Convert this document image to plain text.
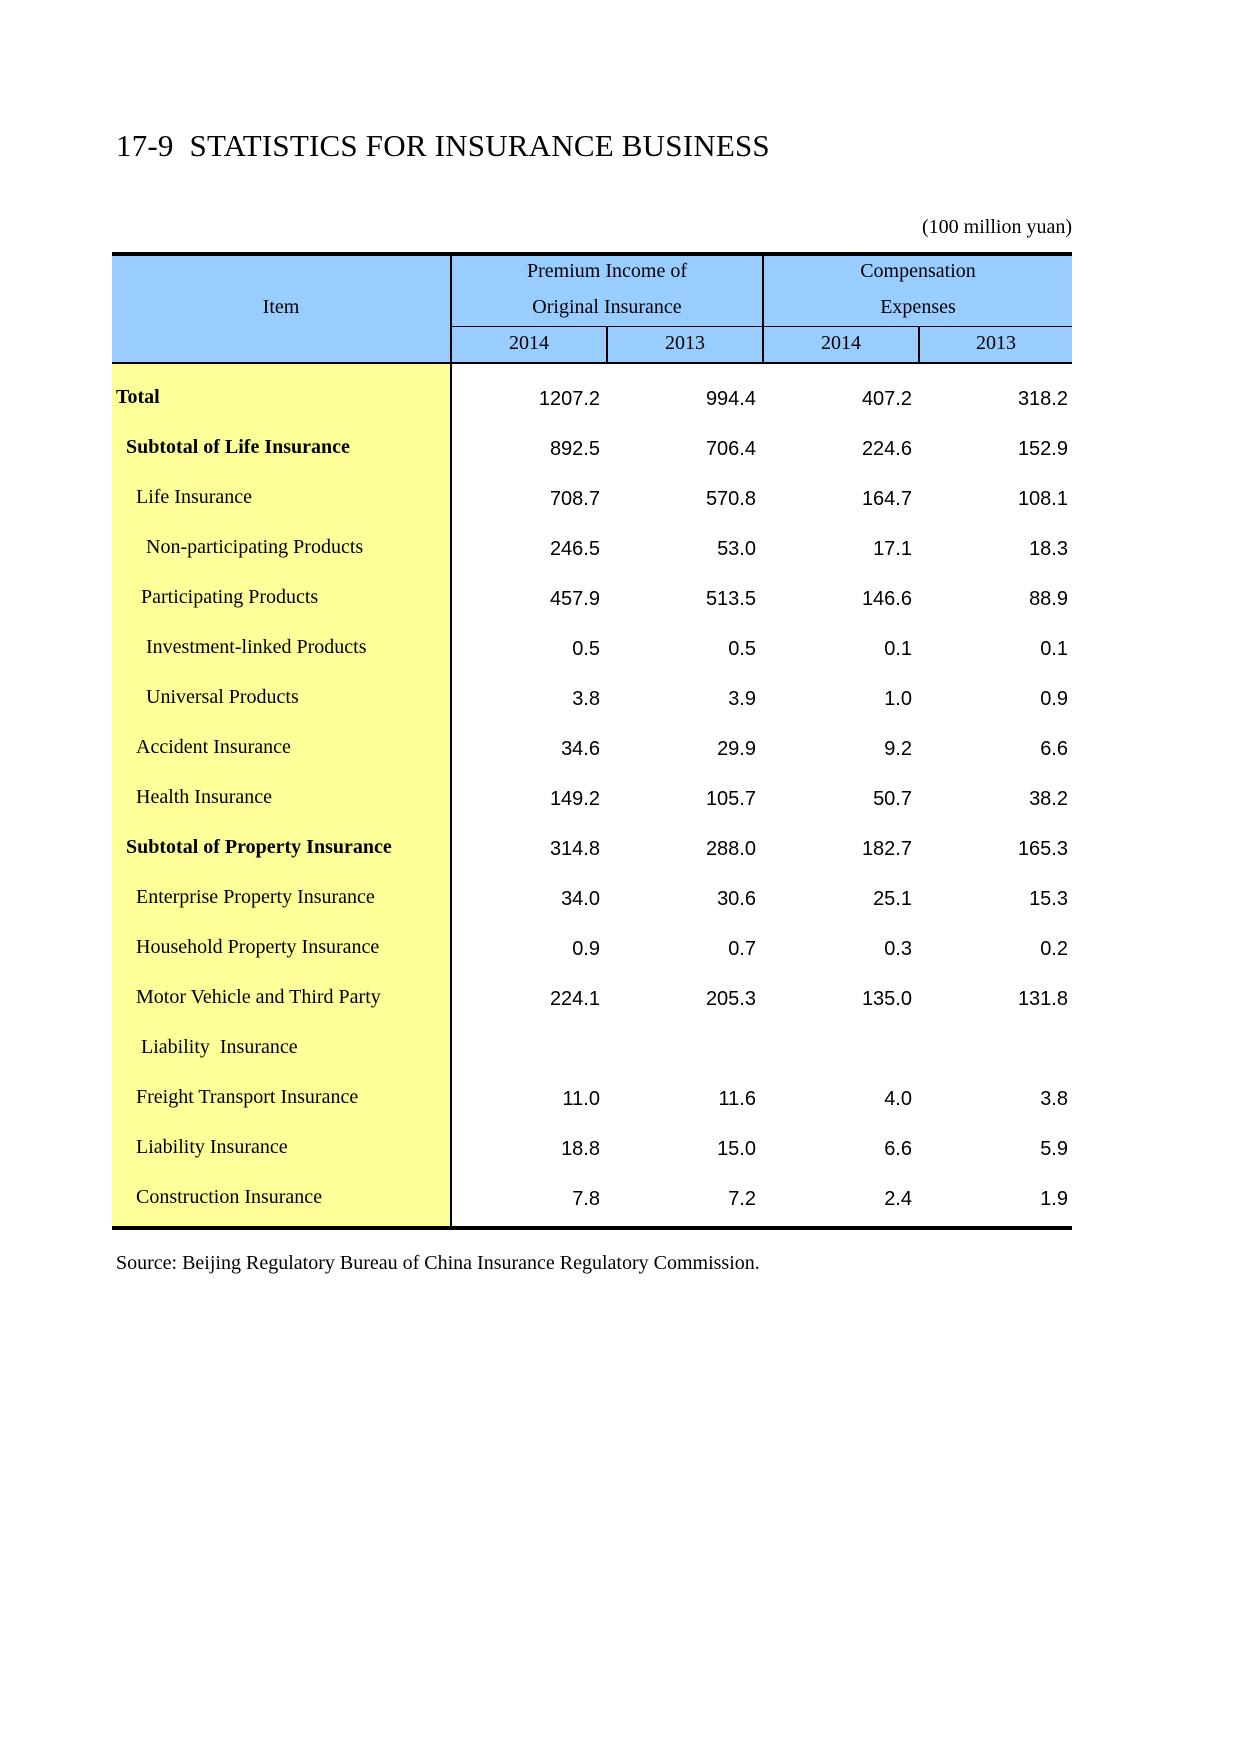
17-9  STATISTICS FOR INSURANCE BUSINESS
(100 million yuan)
Item
Premium Income of
Original Insurance
Compensation
Expenses
2014	2013	2014	2013
Total	1207.2	994.4	407.2	318.2
Subtotal of Life Insurance	892.5	706.4	224.6	152.9
Life Insurance	708.7	570.8	164.7	108.1
Non-participating Products	246.5	53.0	17.1	18.3
Participating Products	457.9	513.5	146.6	88.9
Investment-linked Products	0.5	0.5	0.1	0.1
Universal Products	3.8	3.9	1.0	0.9
Accident Insurance	34.6	29.9	9.2	6.6
Health Insurance	149.2	105.7	50.7	38.2
Subtotal of Property Insurance	314.8	288.0	182.7	165.3
Enterprise Property Insurance	34.0	30.6	25.1	15.3
Household Property Insurance	0.9	0.7	0.3	0.2
Motor Vehicle and Third Party	224.1	205.3	135.0	131.8
Liability  Insurance
Freight Transport Insurance	11.0	11.6	4.0	3.8
Liability Insurance	18.8	15.0	6.6	5.9
Construction Insurance	7.8	7.2	2.4	1.9
Source: Beijing Regulatory Bureau of China Insurance Regulatory Commission.
